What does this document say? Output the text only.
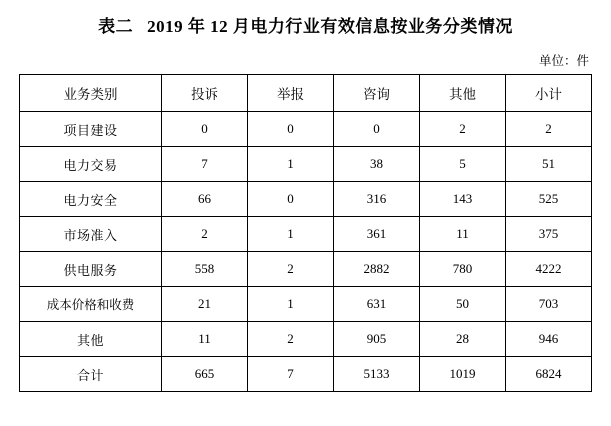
表二 2019 年 12 月电力行业有效信息按业务分类情况
单位：件
业务类别	投诉	举报	咨询	其他	小计
项目建设	0	0	0	2	2
电力交易	7	1	38	5	51
电力安全	66	0	316	143	525
市场准入	2	1	361	11	375
供电服务	558	2	2882	780	4222
成本价格和收费	21	1	631	50	703
其他	11	2	905	28	946
合计	665	7	5133	1019	6824
